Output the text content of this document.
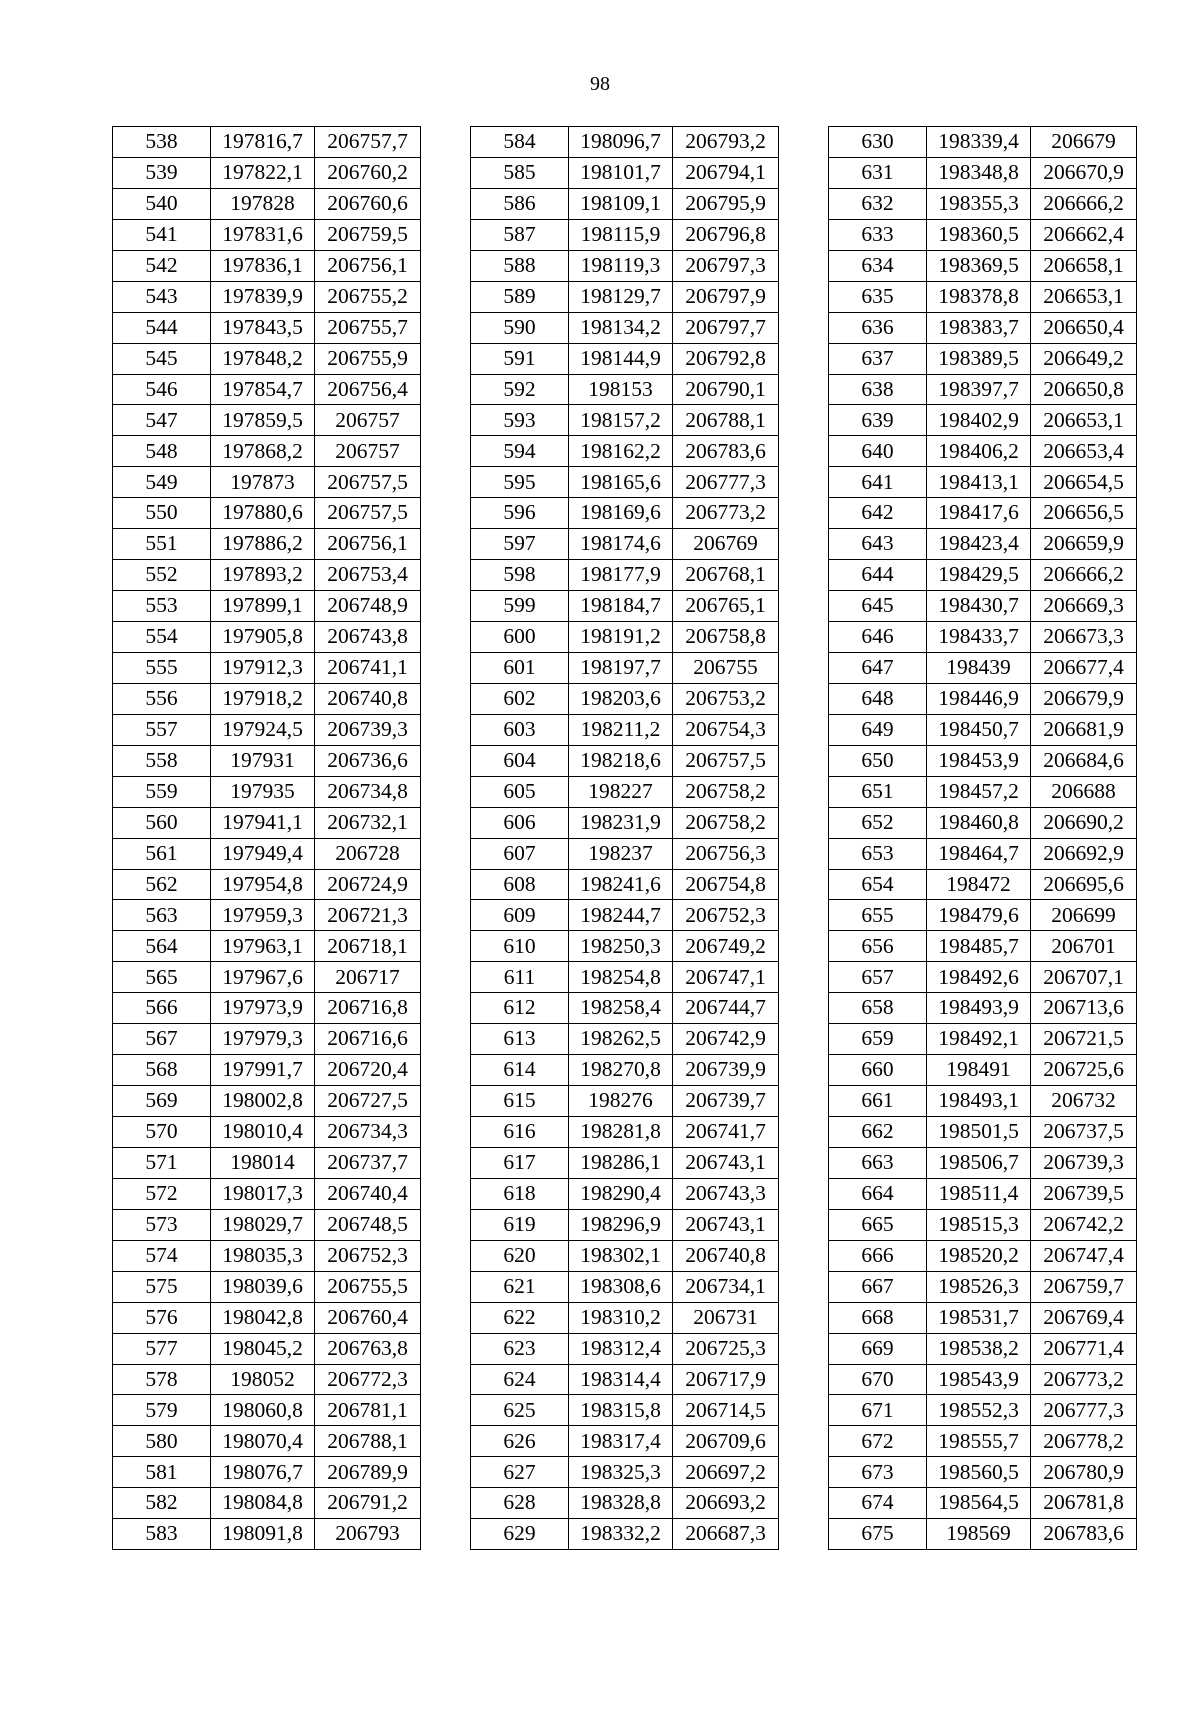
98
538	197816,7	206757,7
539	197822,1	206760,2
540	197828	206760,6
541	197831,6	206759,5
542	197836,1	206756,1
543	197839,9	206755,2
544	197843,5	206755,7
545	197848,2	206755,9
546	197854,7	206756,4
547	197859,5	206757
548	197868,2	206757
549	197873	206757,5
550	197880,6	206757,5
551	197886,2	206756,1
552	197893,2	206753,4
553	197899,1	206748,9
554	197905,8	206743,8
555	197912,3	206741,1
556	197918,2	206740,8
557	197924,5	206739,3
558	197931	206736,6
559	197935	206734,8
560	197941,1	206732,1
561	197949,4	206728
562	197954,8	206724,9
563	197959,3	206721,3
564	197963,1	206718,1
565	197967,6	206717
566	197973,9	206716,8
567	197979,3	206716,6
568	197991,7	206720,4
569	198002,8	206727,5
570	198010,4	206734,3
571	198014	206737,7
572	198017,3	206740,4
573	198029,7	206748,5
574	198035,3	206752,3
575	198039,6	206755,5
576	198042,8	206760,4
577	198045,2	206763,8
578	198052	206772,3
579	198060,8	206781,1
580	198070,4	206788,1
581	198076,7	206789,9
582	198084,8	206791,2
583	198091,8	206793
584	198096,7	206793,2
585	198101,7	206794,1
586	198109,1	206795,9
587	198115,9	206796,8
588	198119,3	206797,3
589	198129,7	206797,9
590	198134,2	206797,7
591	198144,9	206792,8
592	198153	206790,1
593	198157,2	206788,1
594	198162,2	206783,6
595	198165,6	206777,3
596	198169,6	206773,2
597	198174,6	206769
598	198177,9	206768,1
599	198184,7	206765,1
600	198191,2	206758,8
601	198197,7	206755
602	198203,6	206753,2
603	198211,2	206754,3
604	198218,6	206757,5
605	198227	206758,2
606	198231,9	206758,2
607	198237	206756,3
608	198241,6	206754,8
609	198244,7	206752,3
610	198250,3	206749,2
611	198254,8	206747,1
612	198258,4	206744,7
613	198262,5	206742,9
614	198270,8	206739,9
615	198276	206739,7
616	198281,8	206741,7
617	198286,1	206743,1
618	198290,4	206743,3
619	198296,9	206743,1
620	198302,1	206740,8
621	198308,6	206734,1
622	198310,2	206731
623	198312,4	206725,3
624	198314,4	206717,9
625	198315,8	206714,5
626	198317,4	206709,6
627	198325,3	206697,2
628	198328,8	206693,2
629	198332,2	206687,3
630	198339,4	206679
631	198348,8	206670,9
632	198355,3	206666,2
633	198360,5	206662,4
634	198369,5	206658,1
635	198378,8	206653,1
636	198383,7	206650,4
637	198389,5	206649,2
638	198397,7	206650,8
639	198402,9	206653,1
640	198406,2	206653,4
641	198413,1	206654,5
642	198417,6	206656,5
643	198423,4	206659,9
644	198429,5	206666,2
645	198430,7	206669,3
646	198433,7	206673,3
647	198439	206677,4
648	198446,9	206679,9
649	198450,7	206681,9
650	198453,9	206684,6
651	198457,2	206688
652	198460,8	206690,2
653	198464,7	206692,9
654	198472	206695,6
655	198479,6	206699
656	198485,7	206701
657	198492,6	206707,1
658	198493,9	206713,6
659	198492,1	206721,5
660	198491	206725,6
661	198493,1	206732
662	198501,5	206737,5
663	198506,7	206739,3
664	198511,4	206739,5
665	198515,3	206742,2
666	198520,2	206747,4
667	198526,3	206759,7
668	198531,7	206769,4
669	198538,2	206771,4
670	198543,9	206773,2
671	198552,3	206777,3
672	198555,7	206778,2
673	198560,5	206780,9
674	198564,5	206781,8
675	198569	206783,6
